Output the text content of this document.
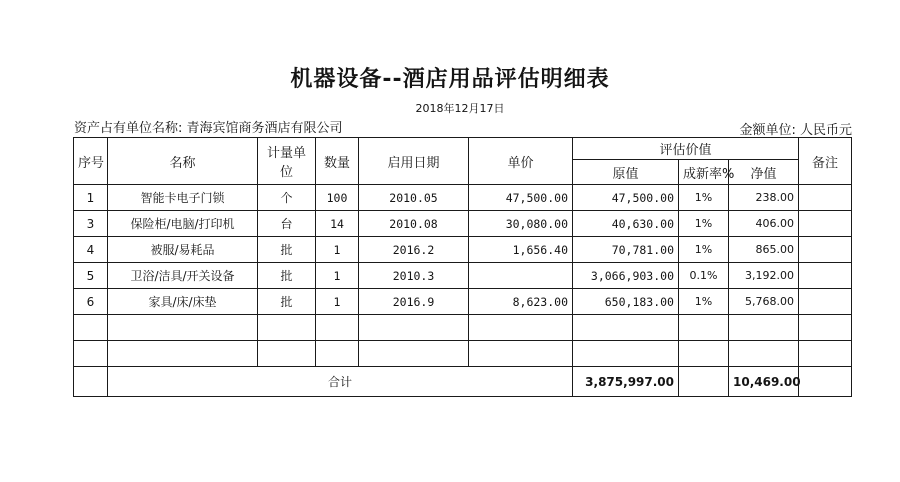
机器设备--酒店用品评估明细表
2018年12月17日
资产占有单位名称: 青海宾馆商务酒店有限公司	金额单位: 人民币元
序号	名称	计量单位	数量	启用日期	单价	评估价值			备注
						原值	成新率%	净值	
1	智能卡电子门锁	个	100	2010.05	47,500.00	47,500.00	1%	238.00	
3	保险柜/电脑/打印机	台	14	2010.08	30,080.00	40,630.00	1%	406.00	
4	被服/易耗品	批	1	2016.2	1,656.40	70,781.00	1%	865.00	
5	卫浴/洁具/开关设备	批	1	2010.3		3,066,903.00	0.1%	3,192.00	
6	家具/床/床垫	批	1	2016.9	8,623.00	650,183.00	1%	5,768.00	

	合计					3,875,997.00		10,469.00	
